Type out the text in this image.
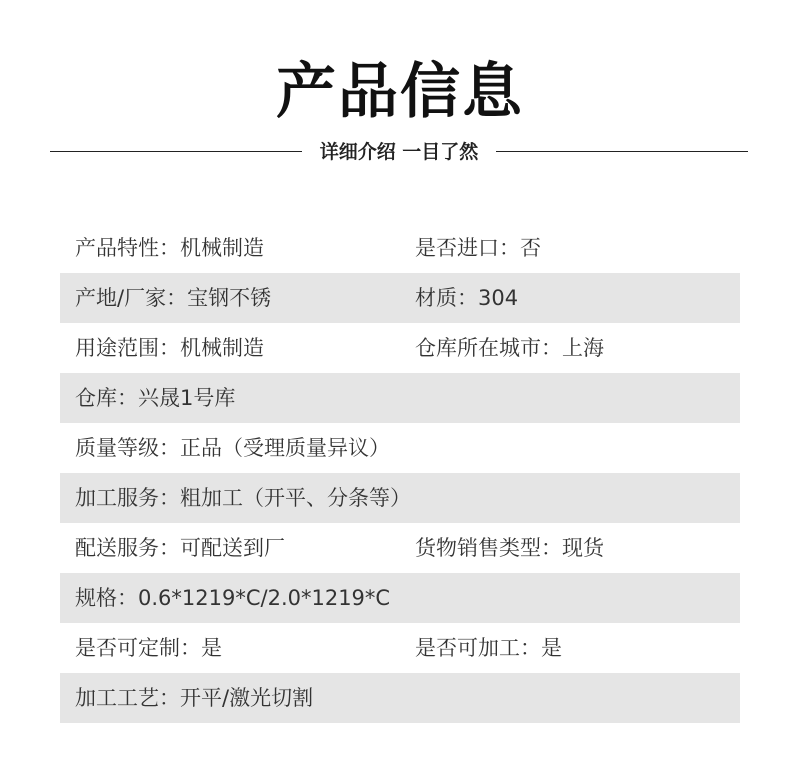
产品信息
详细介绍 一目了然
产品特性：机械制造	是否进口：否
产地/厂家：宝钢不锈	材质：304
用途范围：机械制造	仓库所在城市：上海
仓库：兴晟1号库
质量等级：正品（受理质量异议）
加工服务：粗加工（开平、分条等）
配送服务：可配送到厂	货物销售类型：现货
规格：0.6*1219*C/2.0*1219*C
是否可定制：是	是否可加工：是
加工工艺：开平/激光切割
